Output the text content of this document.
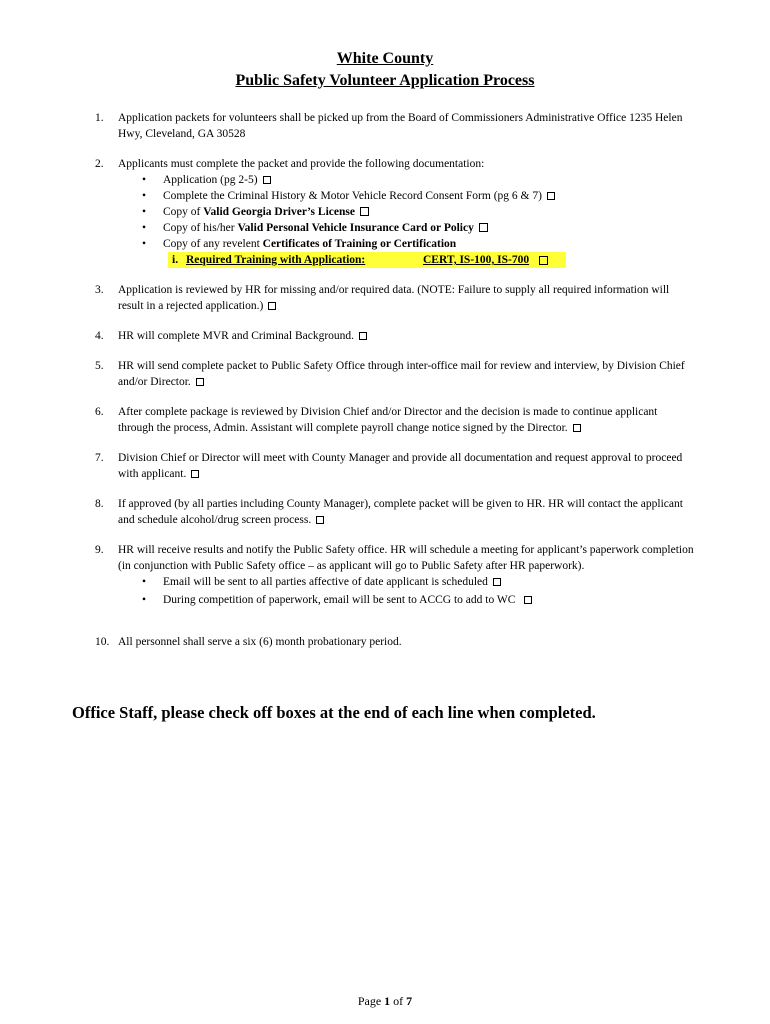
White County
Public Safety Volunteer Application Process
1.	Application packets for volunteers shall be picked up from the Board of Commissioners Administrative Office 1235 Helen Hwy, Cleveland, GA 30528
2.	Applicants must complete the packet and provide the following documentation:
• Application (pg 2-5)
• Complete the Criminal History & Motor Vehicle Record Consent Form (pg 6 & 7)
• Copy of Valid Georgia Driver’s License
• Copy of his/her Valid Personal Vehicle Insurance Card or Policy
• Copy of any revelent Certificates of Training or Certification
i. Required Training with Application:	CERT, IS-100, IS-700
3.	Application is reviewed by HR for missing and/or required data. (NOTE: Failure to supply all required information will result in a rejected application.)
4.	HR will complete MVR and Criminal Background.
5.	HR will send complete packet to Public Safety Office through inter-office mail for review and interview, by Division Chief and/or Director.
6.	After complete package is reviewed by Division Chief and/or Director and the decision is made to continue applicant through the process, Admin. Assistant will complete payroll change notice signed by the Director.
7.	Division Chief or Director will meet with County Manager and provide all documentation and request approval to proceed with applicant.
8.	If approved (by all parties including County Manager), complete packet will be given to HR. HR will contact the applicant and schedule alcohol/drug screen process.
9.	HR will receive results and notify the Public Safety office. HR will schedule a meeting for applicant’s paperwork completion (in conjunction with Public Safety office – as applicant will go to Public Safety after HR paperwork).
• Email will be sent to all parties affective of date applicant is scheduled
• During competition of paperwork, email will be sent to ACCG to add to WC
10. All personnel shall serve a six (6) month probationary period.
Office Staff, please check off boxes at the end of each line when completed.
Page 1 of 7
